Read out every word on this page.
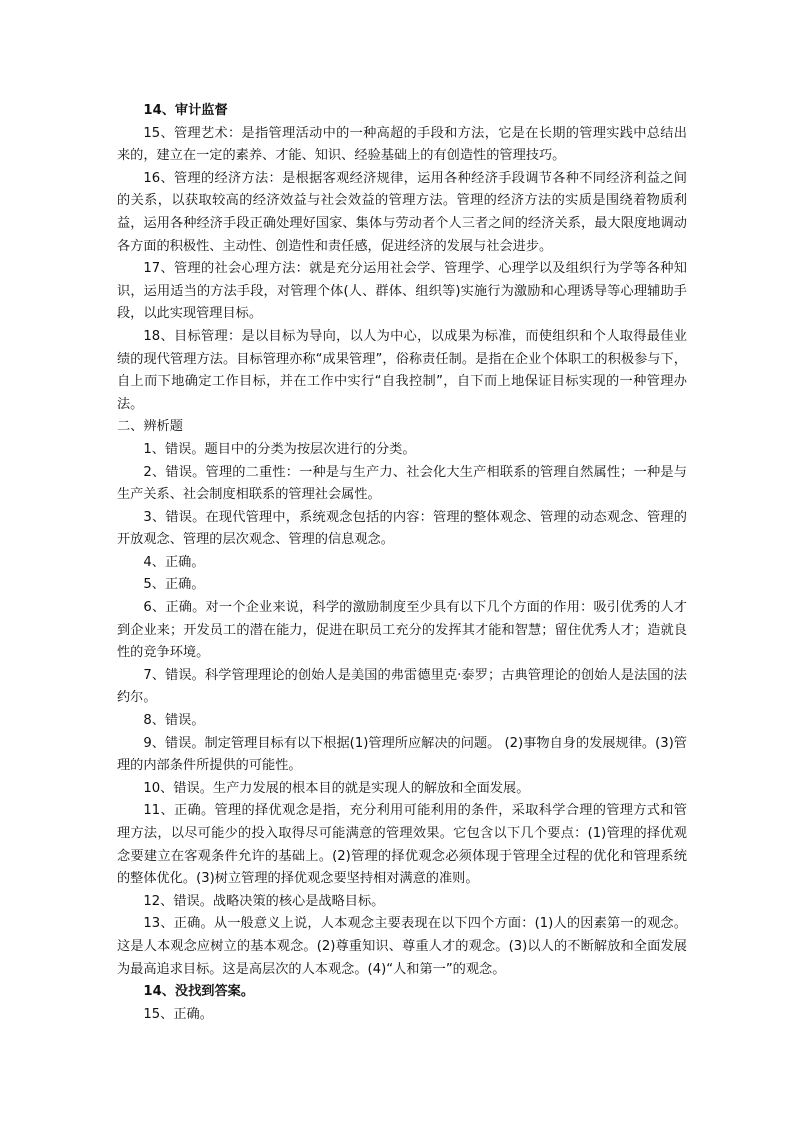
14、审计监督

15、管理艺术：是指管理活动中的一种高超的手段和方法，它是在长期的管理实践中总结出来的，建立在一定的素养、才能、知识、经验基础上的有创造性的管理技巧。

16、管理的经济方法：是根据客观经济规律，运用各种经济手段调节各种不同经济利益之间的关系，以获取较高的经济效益与社会效益的管理方法。管理的经济方法的实质是围绕着物质利益，运用各种经济手段正确处理好国家、集体与劳动者个人三者之间的经济关系，最大限度地调动各方面的积极性、主动性、创造性和责任感，促进经济的发展与社会进步。

17、管理的社会心理方法：就是充分运用社会学、管理学、心理学以及组织行为学等各种知识，运用适当的方法手段，对管理个体(人、群体、组织等)实施行为激励和心理诱导等心理辅助手段，以此实现管理目标。

18、目标管理：是以目标为导向，以人为中心，以成果为标准，而使组织和个人取得最佳业绩的现代管理方法。目标管理亦称“成果管理”，俗称责任制。是指在企业个体职工的积极参与下，自上而下地确定工作目标，并在工作中实行“自我控制”，自下而上地保证目标实现的一种管理办法。

二、辨析题

1、错误。题目中的分类为按层次进行的分类。

2、错误。管理的二重性：一种是与生产力、社会化大生产相联系的管理自然属性；一种是与生产关系、社会制度相联系的管理社会属性。

3、错误。在现代管理中，系统观念包括的内容：管理的整体观念、管理的动态观念、管理的开放观念、管理的层次观念、管理的信息观念。

4、正确。

5、正确。

6、正确。对一个企业来说，科学的激励制度至少具有以下几个方面的作用：吸引优秀的人才到企业来；开发员工的潜在能力，促进在职员工充分的发挥其才能和智慧；留住优秀人才；造就良性的竞争环境。

7、错误。科学管理理论的创始人是美国的弗雷德里克·泰罗；古典管理论的创始人是法国的法约尔。

8、错误。

9、错误。制定管理目标有以下根据(1)管理所应解决的问题。 (2)事物自身的发展规律。(3)管理的内部条件所提供的可能性。

10、错误。生产力发展的根本目的就是实现人的解放和全面发展。

11、正确。管理的择优观念是指，充分利用可能利用的条件，采取科学合理的管理方式和管理方法，以尽可能少的投入取得尽可能满意的管理效果。它包含以下几个要点：(1)管理的择优观念要建立在客观条件允许的基础上。(2)管理的择优观念必须体现于管理全过程的优化和管理系统的整体优化。(3)树立管理的择优观念要坚持相对满意的准则。

12、错误。战略决策的核心是战略目标。

13、正确。从一般意义上说，人本观念主要表现在以下四个方面：(1)人的因素第一的观念。这是人本观念应树立的基本观念。(2)尊重知识、尊重人才的观念。(3)以人的不断解放和全面发展为最高追求目标。这是高层次的人本观念。(4)“人和第一”的观念。

14、没找到答案。

15、正确。
